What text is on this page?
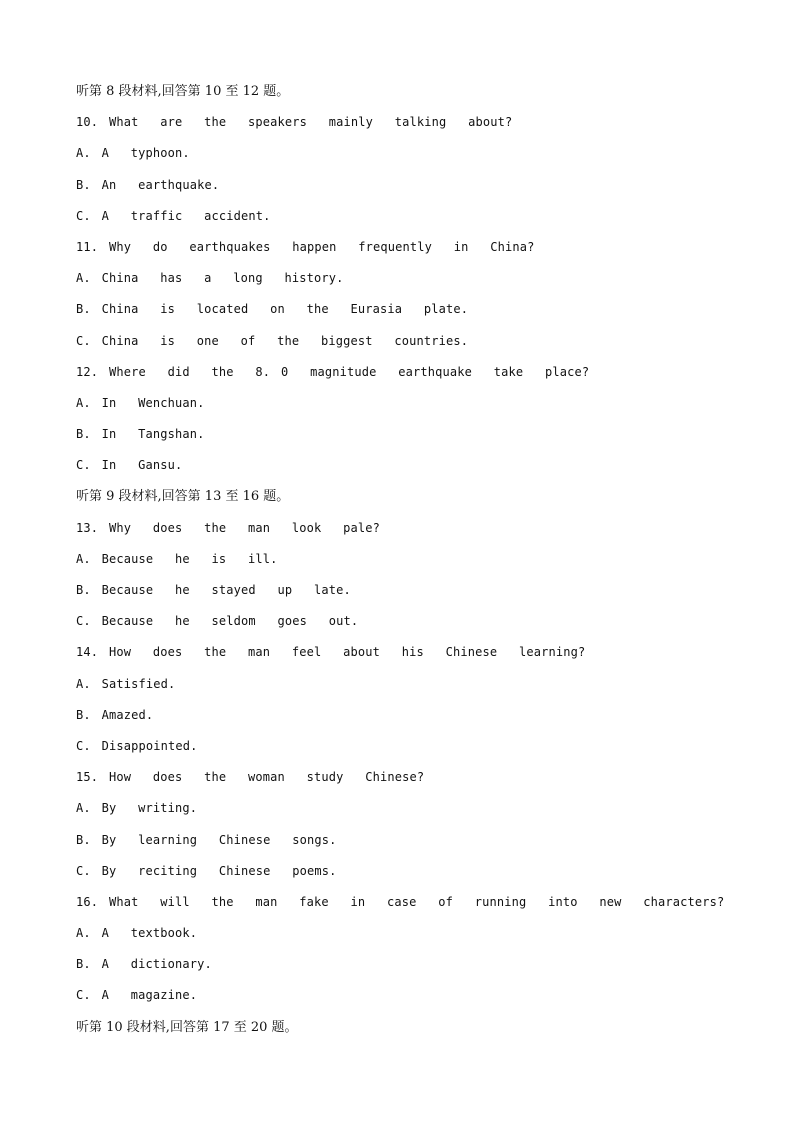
听第 8 段材料,回答第 10 至 12 题。
10. What  are  the  speakers  mainly  talking  about?
A. A  typhoon.
B. An  earthquake.
C. A  traffic  accident.
11. Why  do  earthquakes  happen  frequently  in  China?
A. China  has  a  long  history.
B. China  is  located  on  the  Eurasia  plate.
C. China  is  one  of  the  biggest  countries.
12. Where  did  the  8. 0  magnitude  earthquake  take  place?
A. In  Wenchuan.
B. In  Tangshan.
C. In  Gansu.
听第 9 段材料,回答第 13 至 16 题。
13. Why  does  the  man  look  pale?
A. Because  he  is  ill.
B. Because  he  stayed  up  late.
C. Because  he  seldom  goes  out.
14. How  does  the  man  feel  about  his  Chinese  learning?
A. Satisfied.
B. Amazed.
C. Disappointed.
15. How  does  the  woman  study  Chinese?
A. By  writing.
B. By  learning  Chinese  songs.
C. By  reciting  Chinese  poems.
16. What  will  the  man  fake  in  case  of  running  into  new  characters?
A. A  textbook.
B. A  dictionary.
C. A  magazine.
听第 10 段材料,回答第 17 至 20 题。
